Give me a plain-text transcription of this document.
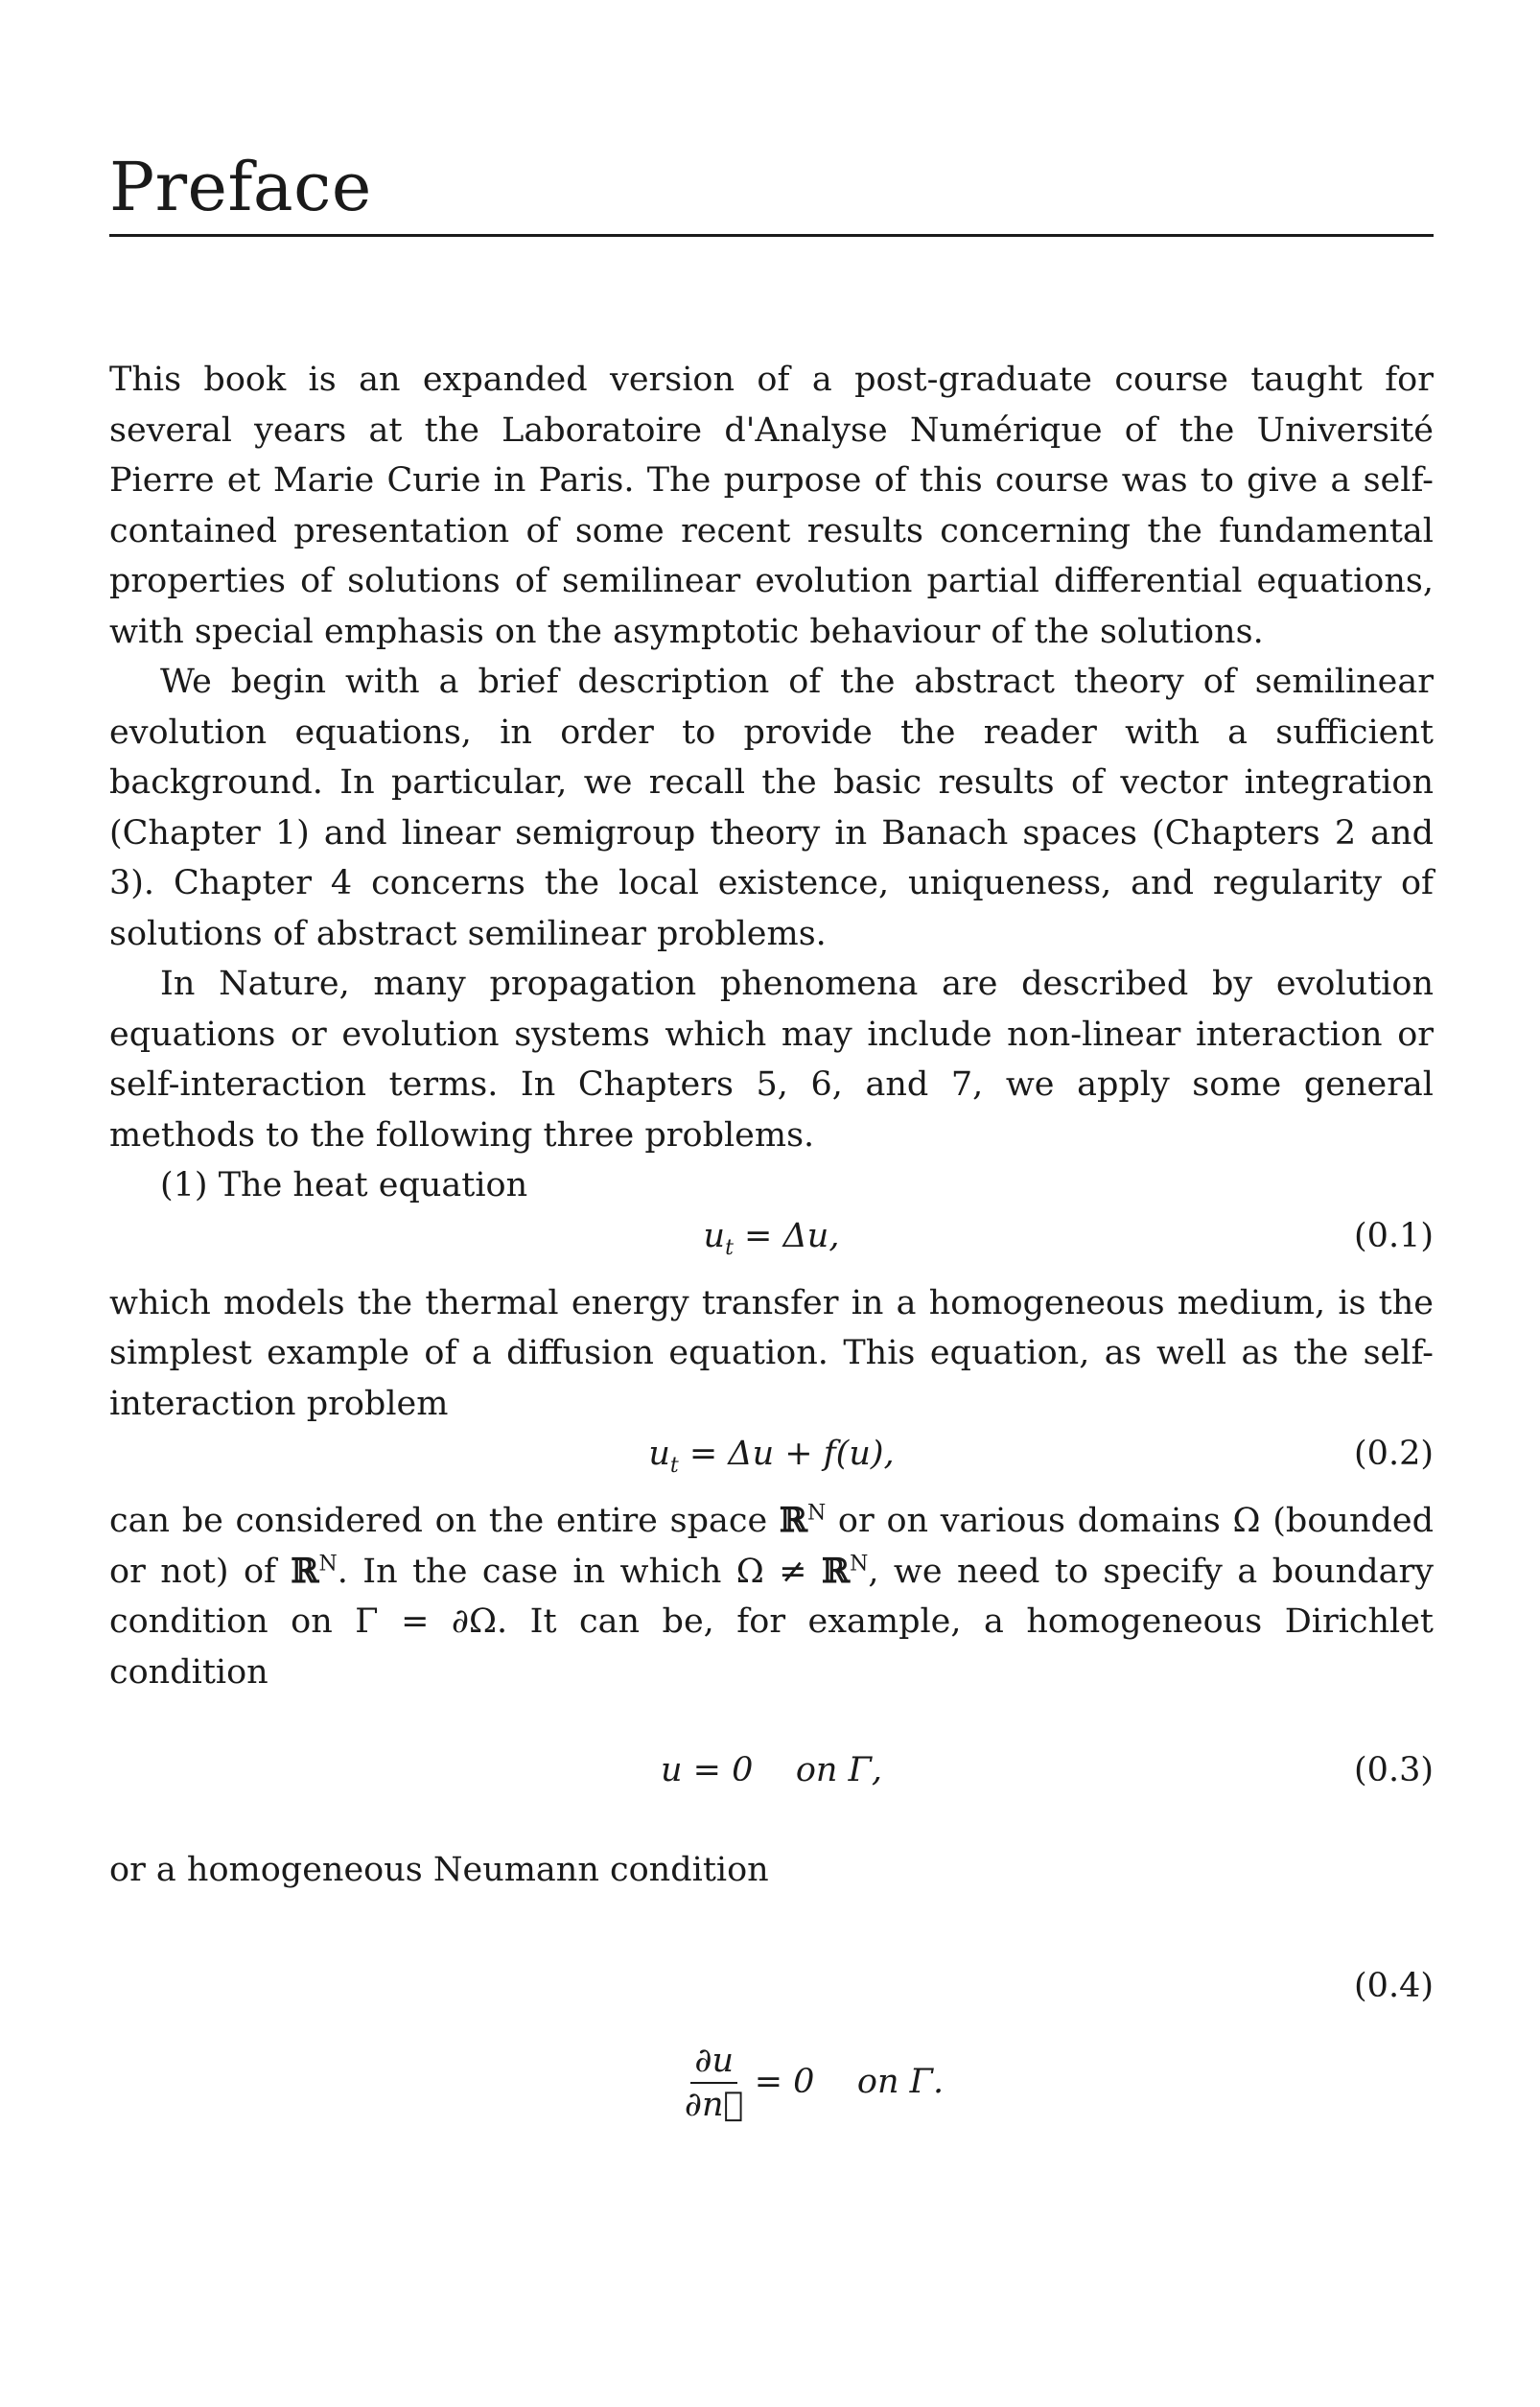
Preface

This book is an expanded version of a post-graduate course taught for several years at the Laboratoire d'Analyse Numérique of the Université Pierre et Marie Curie in Paris. The purpose of this course was to give a self-contained presentation of some recent results concerning the fundamental properties of solutions of semilinear evolution partial differential equations, with special emphasis on the asymptotic behaviour of the solutions.

We begin with a brief description of the abstract theory of semilinear evolution equations, in order to provide the reader with a sufficient background. In particular, we recall the basic results of vector integration (Chapter 1) and linear semigroup theory in Banach spaces (Chapters 2 and 3). Chapter 4 concerns the local existence, uniqueness, and regularity of solutions of abstract semilinear problems.

In Nature, many propagation phenomena are described by evolution equations or evolution systems which may include non-linear interaction or self-interaction terms. In Chapters 5, 6, and 7, we apply some general methods to the following three problems.

(1) The heat equation

$u_t = \Delta u$,	(0.1)

which models the thermal energy transfer in a homogeneous medium, is the simplest example of a diffusion equation. This equation, as well as the self-interaction problem

$u_t = \Delta u + f(u)$,	(0.2)

can be considered on the entire space ℝ$^N$ or on various domains Ω (bounded or not) of ℝ$^N$. In the case in which Ω ≠ ℝ$^N$, we need to specify a boundary condition on Γ = ∂Ω. It can be, for example, a homogeneous Dirichlet condition

u = 0    on Γ,	(0.3)

or a homogeneous Neumann condition

$\frac{\partial u}{\partial n⃗} = 0$    on Γ.

(0.4)
